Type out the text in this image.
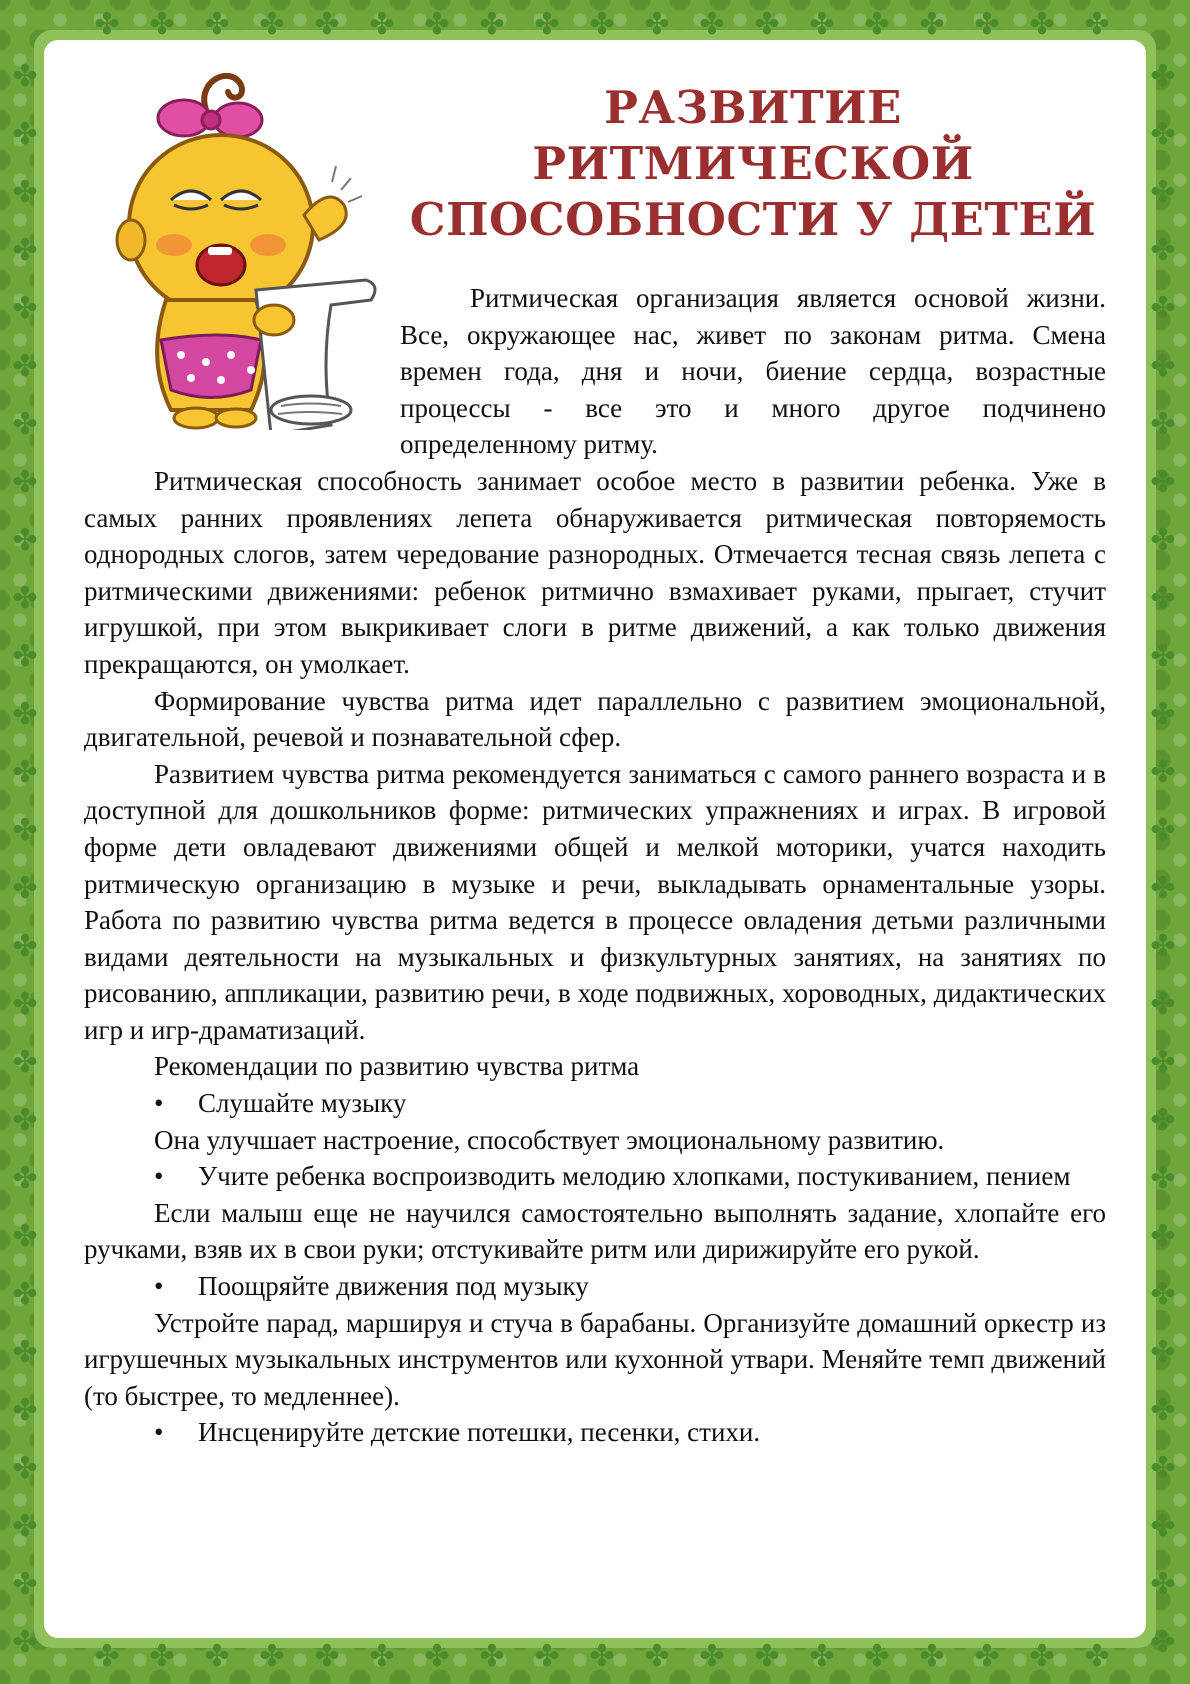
✤
✤
✤
✤
✤
✤
✤
✤
✤
✤
✤
✤
✤
✤
✤
✤
✤
✤
✤
✤
✤
✤
✤
✤
✤
✤
✤
✤
✤
✤
✤
✤
✤
✤
✤
✤
✤
✤
✤	✤
✤	✤
✤	✤
✤	✤
✤	✤
✤	✤
✤	✤
✤	✤
✤	✤
✤	✤
✤	✤
✤	✤
✤	✤
✤	✤
✤	✤
✤	✤
✤	✤
✤	✤
✤	✤
✤	✤
✤	✤
✤	✤
✤	✤
✤	✤
✤	✤
✤	✤
✤	✤
✤	✤
РАЗВИТИЕ РИТМИЧЕСКОЙ
СПОСОБНОСТИ У ДЕТЕЙ

Ритмическая организация является основой жизни. Все, окружающее нас, живет по законам ритма. Смена времен года, дня и ночи, биение сердца, возрастные процессы - все это и много другое подчинено определенному ритму.

Ритмическая способность занимает особое место в развитии ребенка. Уже в самых ранних проявлениях лепета обнаруживается ритмическая повторяемость однородных слогов, затем чередование разнородных. Отмечается тесная связь лепета с ритмическими движениями: ребенок ритмично взмахивает руками, прыгает, стучит игрушкой, при этом выкрикивает слоги в ритме движений, а как только движения прекращаются, он умолкает.

Формирование чувства ритма идет параллельно с развитием эмоциональной, двигательной, речевой и познавательной сфер.

Развитием чувства ритма рекомендуется заниматься с самого раннего возраста и в доступной для дошкольников форме: ритмических упражнениях и играх. В игровой форме дети овладевают движениями общей и мелкой моторики, учатся находить ритмическую организацию в музыке и речи, выкладывать орнаментальные узоры. Работа по развитию чувства ритма ведется в процессе овладения детьми различными видами деятельности на музыкальных и физкультурных занятиях, на занятиях по рисованию, аппликации, развитию речи, в ходе подвижных, хороводных, дидактических игр и игр-драматизаций.

Рекомендации по развитию чувства ритма

• Слушайте музыку

Она улучшает настроение, способствует эмоциональному развитию.

• Учите ребенка воспроизводить мелодию хлопками, постукиванием, пением

Если малыш еще не научился самостоятельно выполнять задание, хлопайте его ручками, взяв их в свои руки; отстукивайте ритм или дирижируйте его рукой.

• Поощряйте движения под музыку

Устройте парад, маршируя и стуча в барабаны. Организуйте домашний оркестр из игрушечных музыкальных инструментов или кухонной утвари. Меняйте темп движений (то быстрее, то медленнее).

• Инсценируйте детские потешки, песенки, стихи.
